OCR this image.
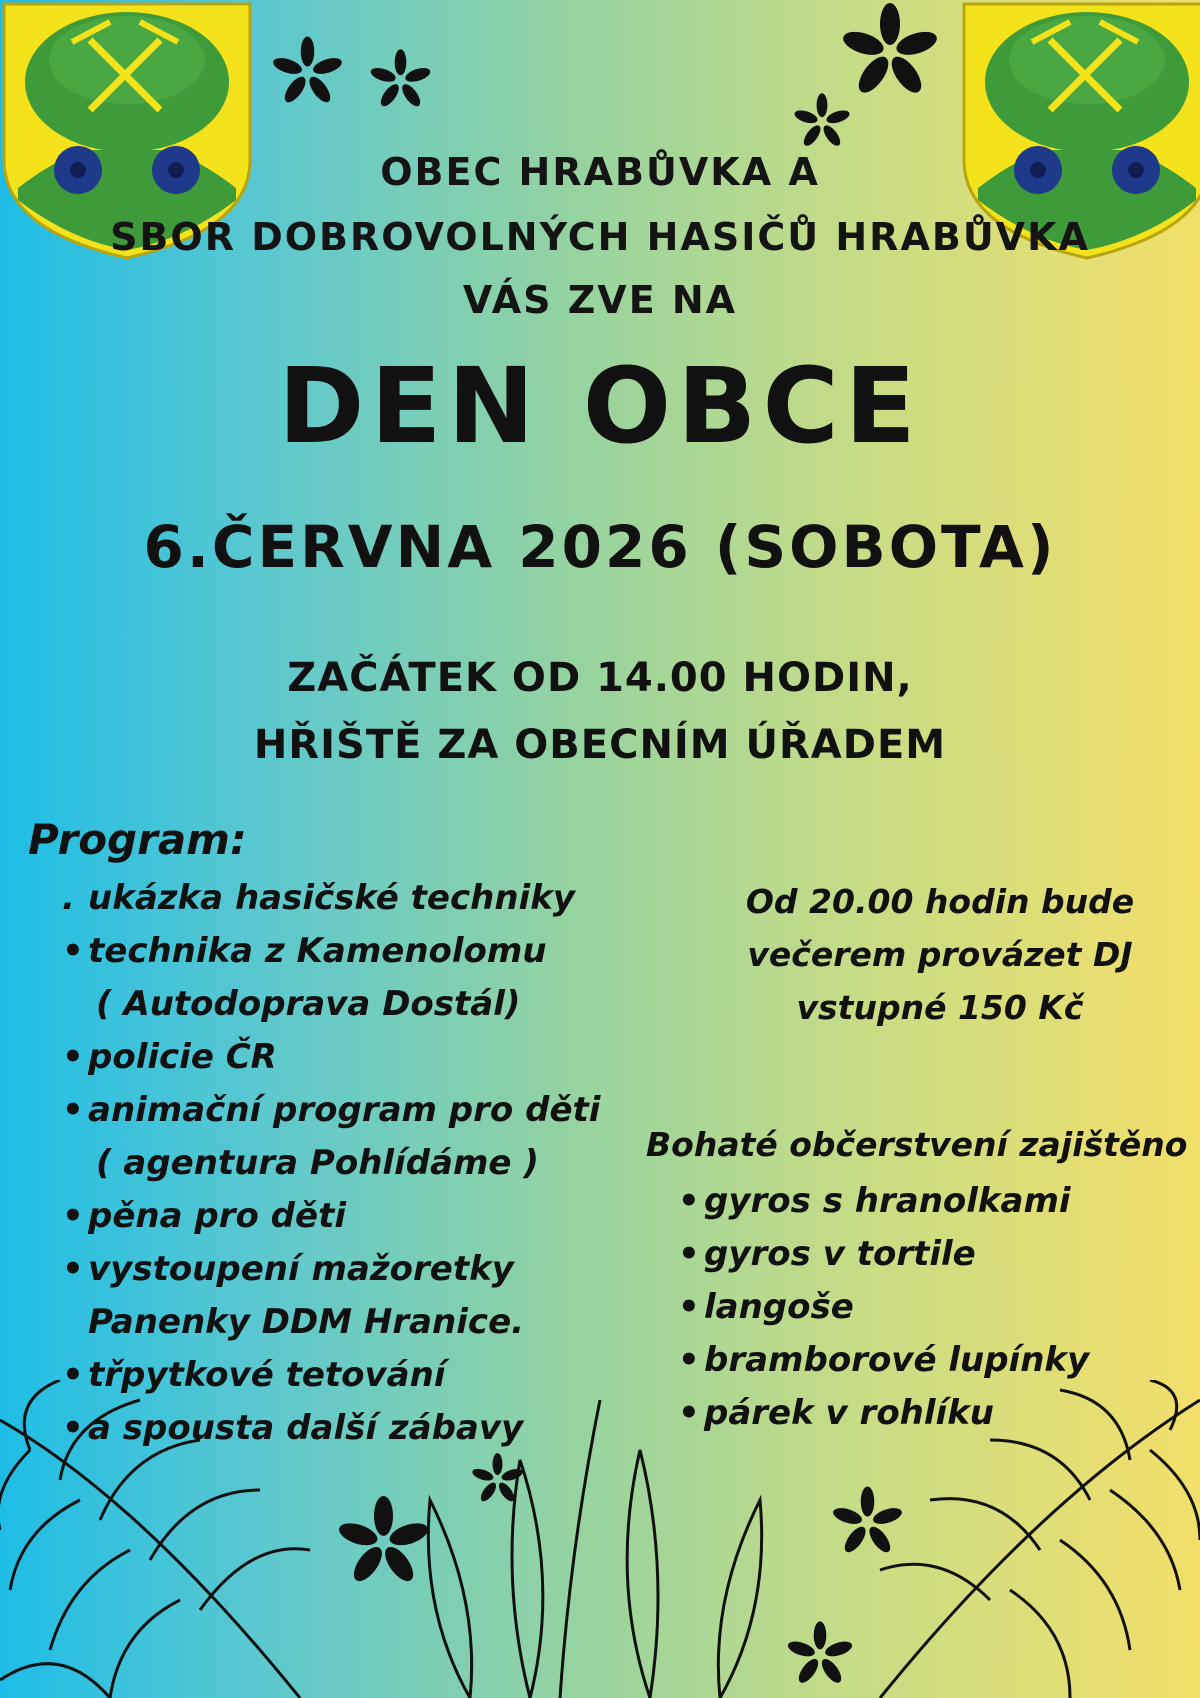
OBEC HRABŮVKA A
SBOR DOBROVOLNÝCH HASIČŮ HRABŮVKA
VÁS ZVE NA
DEN OBCE
6.ČERVNA 2026 (SOBOTA)
ZAČÁTEK OD 14.00 HODIN,
HŘIŠTĚ ZA OBECNÍM ÚŘADEM
Program:
. ukázka hasičské techniky
• technika z Kamenolomu
( Autodoprava Dostál)
• policie ČR
• animační program pro děti
( agentura Pohlídáme )
• pěna pro děti
• vystoupení mažoretky
Panenky DDM Hranice.
• třpytkové tetování
• a spousta další zábavy
Od 20.00 hodin bude
večerem provázet DJ
vstupné 150 Kč
Bohaté občerstvení zajištěno
• gyros s hranolkami
• gyros v tortile
• langoše
• bramborové lupínky
• párek v rohlíku
